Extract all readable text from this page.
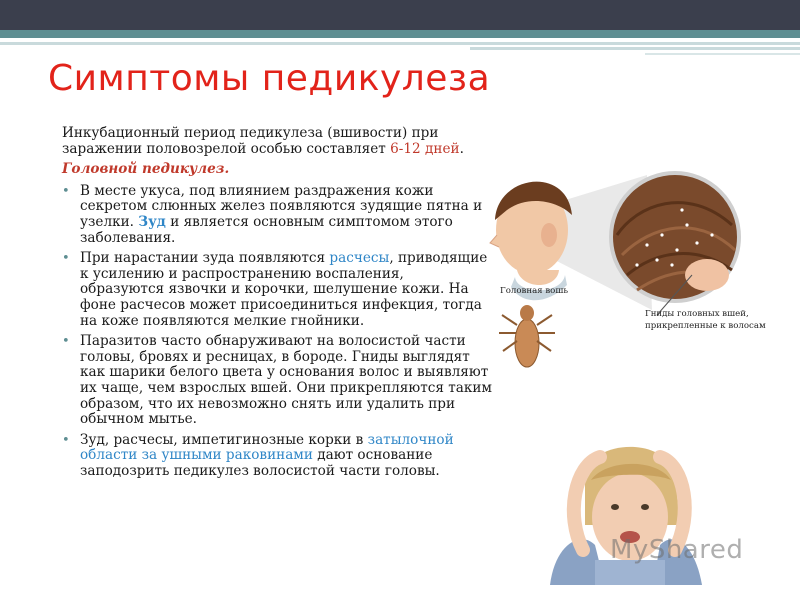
Симптомы педикулеза

Инкубационный период педикулеза (вшивости) при заражении половозрелой особью составляет 6-12 дней.

Головной педикулез.

• В месте укуса, под влиянием раздражения кожи секретом слюнных желез появляются зудящие пятна и узелки. Зуд и является основным симптомом этого заболевания.
• При нарастании зуда появляются расчесы, приводящие к усилению и распространению воспаления, образуются язвочки и корочки, шелушение кожи. На фоне расчесов может присоединиться инфекция, тогда на коже появляются мелкие гнойники.
• Паразитов часто обнаруживают на волосистой части головы, бровях и ресницах, в бороде. Гниды выглядят как шарики белого цвета у основания волос и выявляют их чаще, чем взрослых вшей. Они прикрепляются таким образом, что их невозможно снять или удалить при обычном мытье.
• Зуд, расчесы, импетигинозные корки в затылочной области за ушными раковинами дают основание заподозрить педикулез волосистой части головы.
Головная вошь
Гниды головных вшей,
прикрепленные к волосам
MyShared
